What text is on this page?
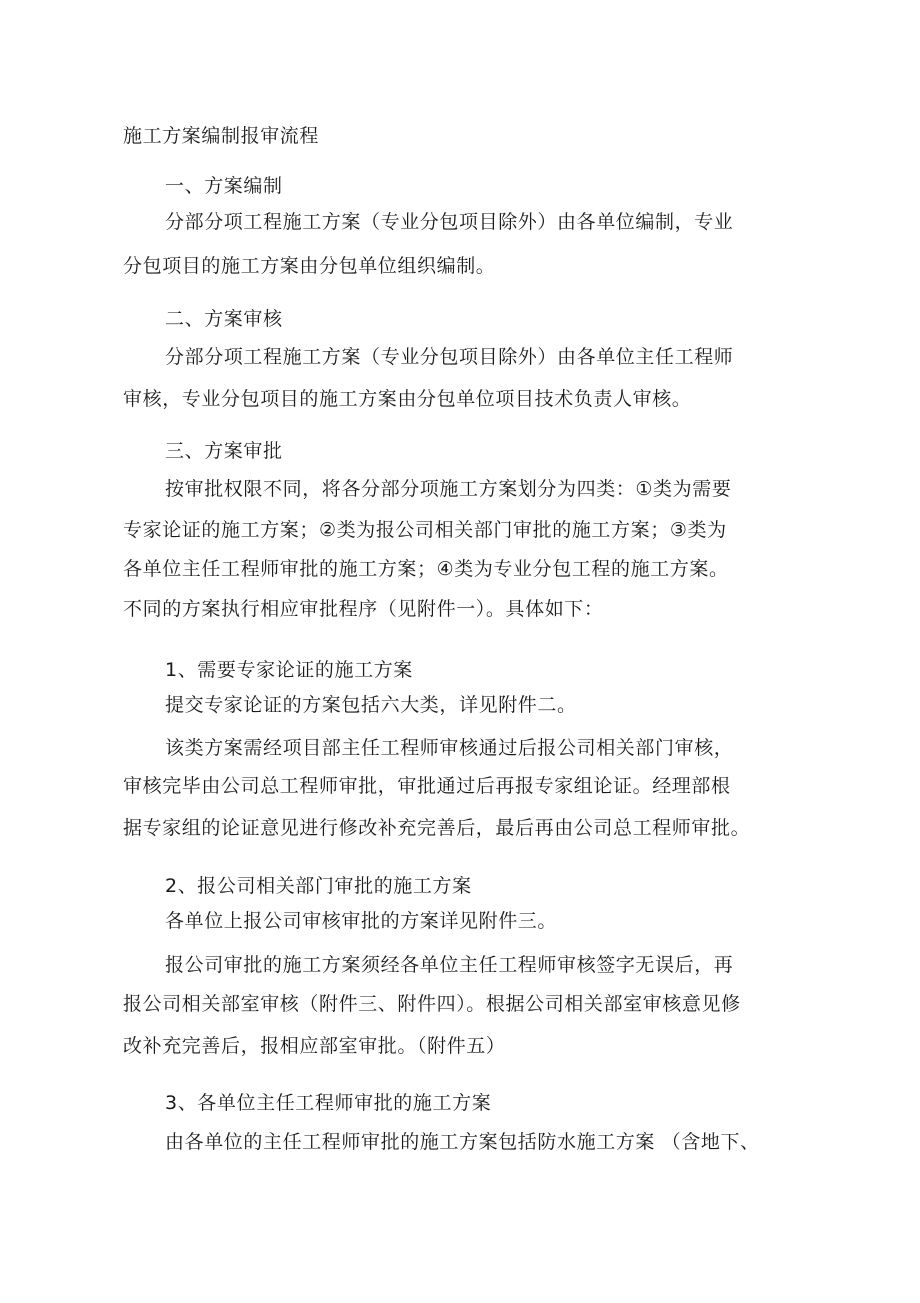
施工方案编制报审流程
一、方案编制
分部分项工程施工方案（专业分包项目除外）由各单位编制，专业
分包项目的施工方案由分包单位组织编制。
二、方案审核
分部分项工程施工方案（专业分包项目除外）由各单位主任工程师
审核，专业分包项目的施工方案由分包单位项目技术负责人审核。
三、方案审批
按审批权限不同，将各分部分项施工方案划分为四类：①类为需要
专家论证的施工方案；②类为报公司相关部门审批的施工方案；③类为
各单位主任工程师审批的施工方案；④类为专业分包工程的施工方案。
不同的方案执行相应审批程序（见附件一）。具体如下：
1、需要专家论证的施工方案
提交专家论证的方案包括六大类，详见附件二。
该类方案需经项目部主任工程师审核通过后报公司相关部门审核，
审核完毕由公司总工程师审批，审批通过后再报专家组论证。经理部根
据专家组的论证意见进行修改补充完善后，最后再由公司总工程师审批。
2、报公司相关部门审批的施工方案
各单位上报公司审核审批的方案详见附件三。
报公司审批的施工方案须经各单位主任工程师审核签字无误后，再
报公司相关部室审核（附件三、附件四）。根据公司相关部室审核意见修
改补充完善后，报相应部室审批。（附件五）
3、各单位主任工程师审批的施工方案
由各单位的主任工程师审批的施工方案包括防水施工方案 （含地下、
